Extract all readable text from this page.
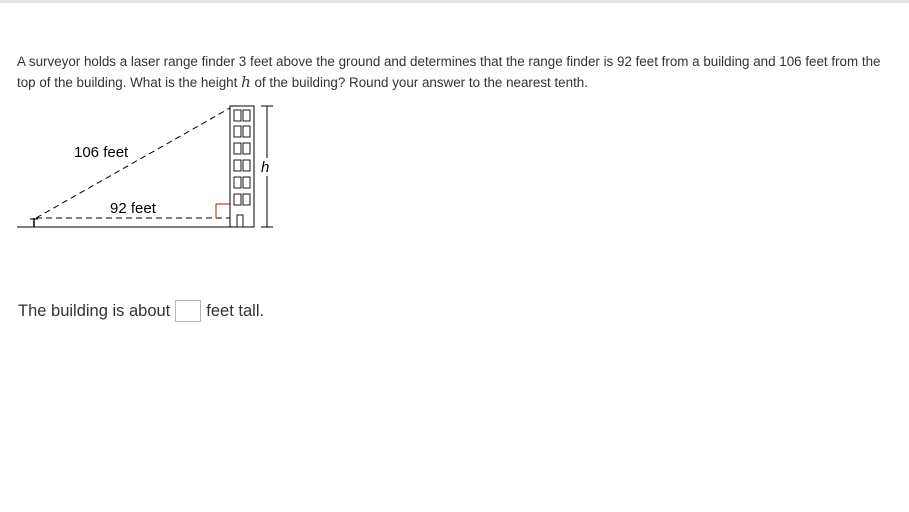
A surveyor holds a laser range finder 3 feet above the ground and determines that the range finder is 92 feet from a building and 106 feet from the top of the building. What is the height h of the building? Round your answer to the nearest tenth.

106 feet
92 feet
h
The building is about feet tall.
